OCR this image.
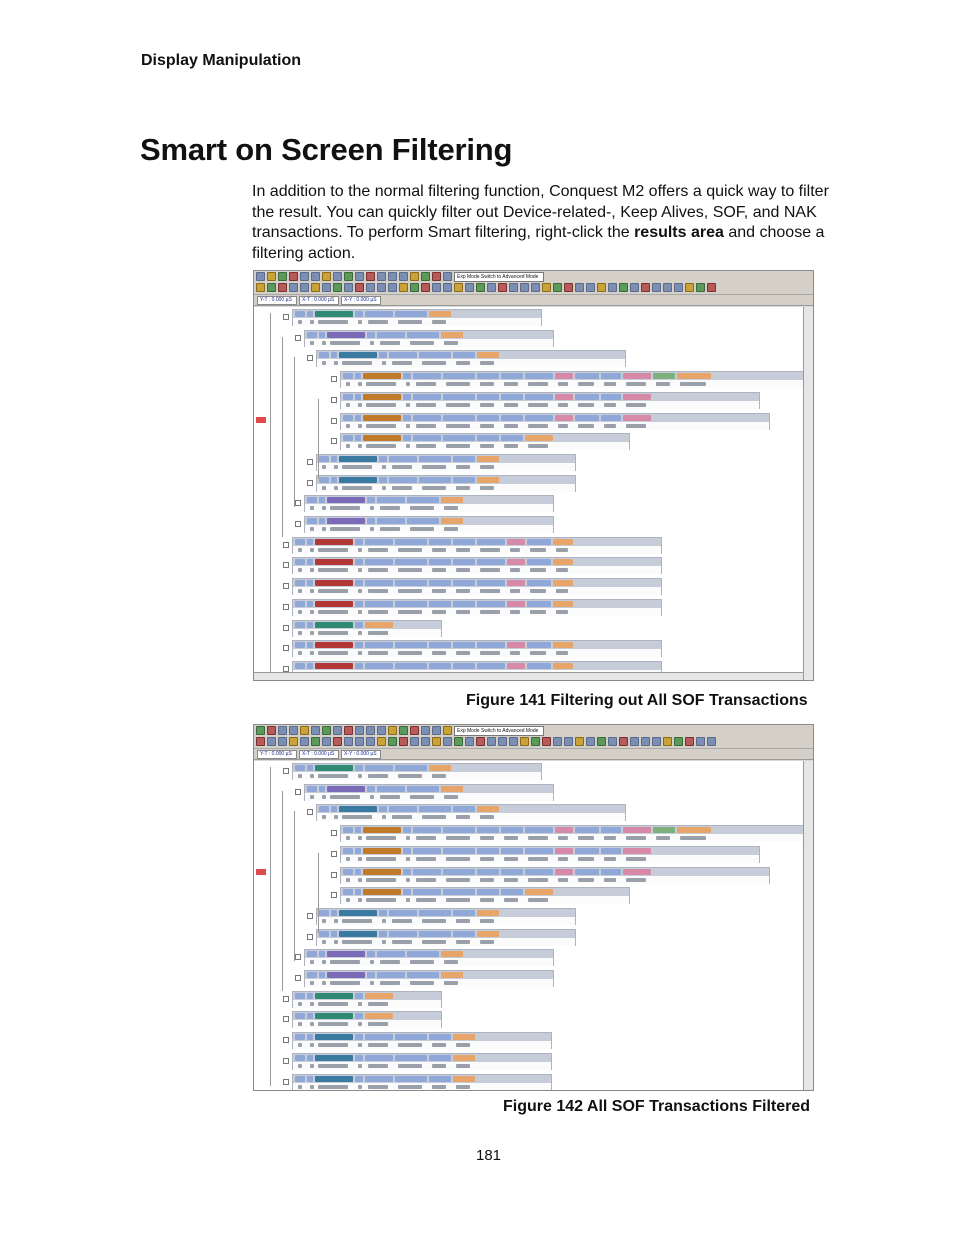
Display Manipulation
Smart on Screen Filtering

In addition to the normal filtering function, Conquest M2 offers a quick way to filter the result. You can quickly filter out Device-related-, Keep Alives, SOF, and NAK transactions. To perform Smart filtering, right-click the results area and choose a filtering action.

Exp Mode Switch to Advanced Mode
Y-T : 0.000 µS	X-T : 0.000 µS	X-Y : 0.000 µS
Figure 141 Filtering out All SOF Transactions
Exp Mode Switch to Advanced Mode
Y-T : 0.000 µS	X-T : 0.000 µS	X-Y : 0.000 µS
Figure 142 All SOF Transactions Filtered
181
